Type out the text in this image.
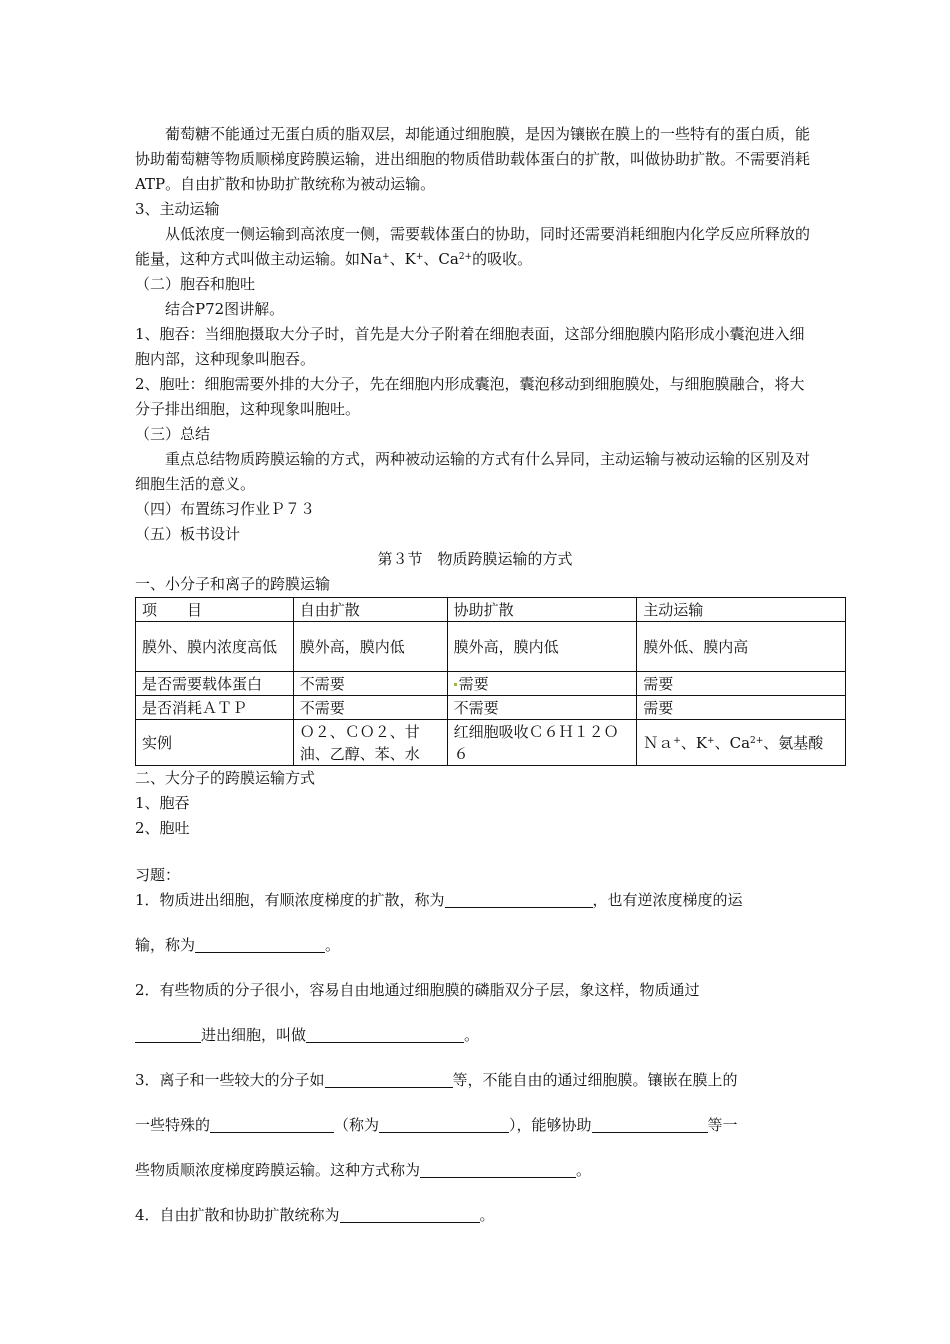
葡萄糖不能通过无蛋白质的脂双层，却能通过细胞膜，是因为镶嵌在膜上的一些特有的蛋白质，能协助葡萄糖等物质顺梯度跨膜运输，进出细胞的物质借助载体蛋白的扩散，叫做协助扩散。不需要消耗ATP。自由扩散和协助扩散统称为被动运输。

3、主动运输

从低浓度一侧运输到高浓度一侧，需要载体蛋白的协助，同时还需要消耗细胞内化学反应所释放的能量，这种方式叫做主动运输。如Na+、K+、$Ca^{2+}$的吸收。

（二）胞吞和胞吐

结合P72图讲解。

1、胞吞：当细胞摄取大分子时，首先是大分子附着在细胞表面，这部分细胞膜内陷形成小囊泡进入细胞内部，这种现象叫胞吞。

2、胞吐：细胞需要外排的大分子，先在细胞内形成囊泡，囊泡移动到细胞膜处，与细胞膜融合，将大分子排出细胞，这种现象叫胞吐。

（三）总结

重点总结物质跨膜运输的方式，两种被动运输的方式有什么异同，主动运输与被动运输的区别及对细胞生活的意义。

（四）布置练习作业Ｐ７３

（五）板书设计

第３节　物质跨膜运输的方式

一、小分子和离子的跨膜运输

项　　目	自由扩散	协助扩散	主动运输
膜外、膜内浓度高低	膜外高，膜内低	膜外高，膜内低	膜外低、膜内高
是否需要载体蛋白	不需要	需要	需要
是否消耗ＡＴＰ	不需要	不需要	需要
实例	Ｏ２、ＣＯ２、甘油、乙醇、苯、水	红细胞吸收Ｃ６Ｈ１２Ｏ６	Ｎａ+、K+、$Ca^{2+}$、氨基酸

二、大分子的跨膜运输方式

1、胞吞

2、胞吐

习题：

1．物质进出细胞，有顺浓度梯度的扩散，称为	，也有逆浓度梯度的运

输，称为	。

2．有些物质的分子很小，容易自由地通过细胞膜的磷脂双分子层，象这样，物质通过

进出细胞，叫做	。

3．离子和一些较大的分子如	等，不能自由的通过细胞膜。镶嵌在膜上的

一些特殊的	（称为	），能够协助	等一

些物质顺浓度梯度跨膜运输。这种方式称为	。

4．自由扩散和协助扩散统称为	。
